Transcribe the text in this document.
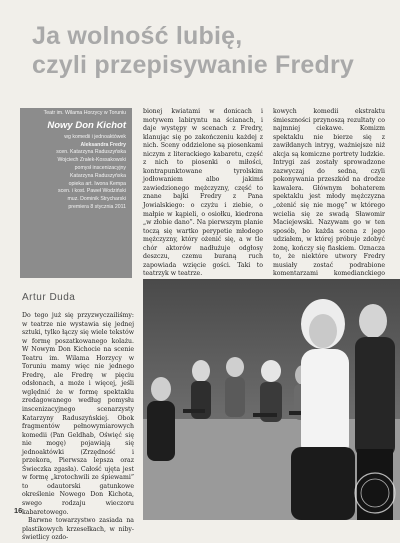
Ja wolność lubię,
czyli przepisywanie Fredry
Teatr im. Wilama Horzycy w Toruniu
Nowy Don Kichot
wg komedii i jednoaktówek
Aleksandra Fredry
scen. Katarzyna Raduszyńska
Wojciech Zrałek-Kossakowski
pomysł inscenizacyjny
Katarzyna Raduszyńska
opieka art. Iwona Kempa
scen. i kost. Paweł Wodziński
muz. Dominik Strycharski
premiera 8 stycznia 2011
Artur Duda

Do tego już się przyzwyczailiśmy: w teatrze nie wystawia się jednej sztuki, tylko łączy się wiele tekstów w formę poszatkowanego kolażu. W Nowym Don Kichocie na scenie Teatru im. Wilama Horzycy w Toruniu mamy więc nie jednego Fredrę, ale Fredrę w pięciu odsłonach, a może i więcej, jeśli wględnić że w formę spektaklu zredagowanego według pomysłu inscenizacyjnego scenarzysty Katarzyny Raduszyńskiej. Obok fragmentów pełnowymiarowych komedii (Pan Geldhab, Oświęć się nie mogę) pojawiają się jednoaktówki (Zrzędność i przekora, Pierwsza lepsza oraz Świeczka zgasła). Całość ujęta jest w formę „krotochwili ze śpiewami” to odautorski gatunkowe określenie Nowego Don Kichota, swego rodzaju wieczoru kabaretowego.

Barwne towarzystwo zasiada na plastikowych krzesełkach, w niby-świetlicy ozdo-

bionej kwiatami w donicach i motywem labiryntu na ścianach, i daje występy w scenach z Fredry, klanując się po zakończeniu każdej z nich. Sceny oddzielone są piosenkami niczym z literackiego kabaretu, część z nich to piosenki o miłości, kontrapunktowane tyrolskim jodłowaniem albo jakimś zawiedzionego mężczyzny, część to znane bajki Fredry z Pana Jowialskiego: o czyżu i ziebie, o małpie w kąpieli, o osiołku, kiedrona „w złobie dano”. Na pierwszym planie toczą się wartko perypetie młodego mężczyzny, który ożenić się, a w tle chór aktorów nadłużuje odgłosy deszczu, czemu buraną ruch zapowiada wzięcie gości. Taki to teatrzyk w teatrze.

kowych komedii ekstraktu śmieszności przynoszą rezultaty co najmniej ciekawe. Komizm spektaklu nie bierze się z zawiłdanych intryg, ważniejsze niż akcja są komiczne portrety ludzkie. Intrygi zaś zostały sprowadzone zazwyczaj do sedna, czyli pokonywania przeszkód na drodze kawalera. Głównym bohaterem spektaklu jest młody mężczyzna „ożenić się nie mogę” w którego wcielia się ze swadą Sławomir Maciejewski. Nazywam go w ten sposób, bo każda scena z jego udziałem, w której próbuje zdobyć żonę, kończy się fiaskiem. Oznacza to, że niektóre utwory Fredry musiały zostać podrabione komentarzami komedianckiego

16
